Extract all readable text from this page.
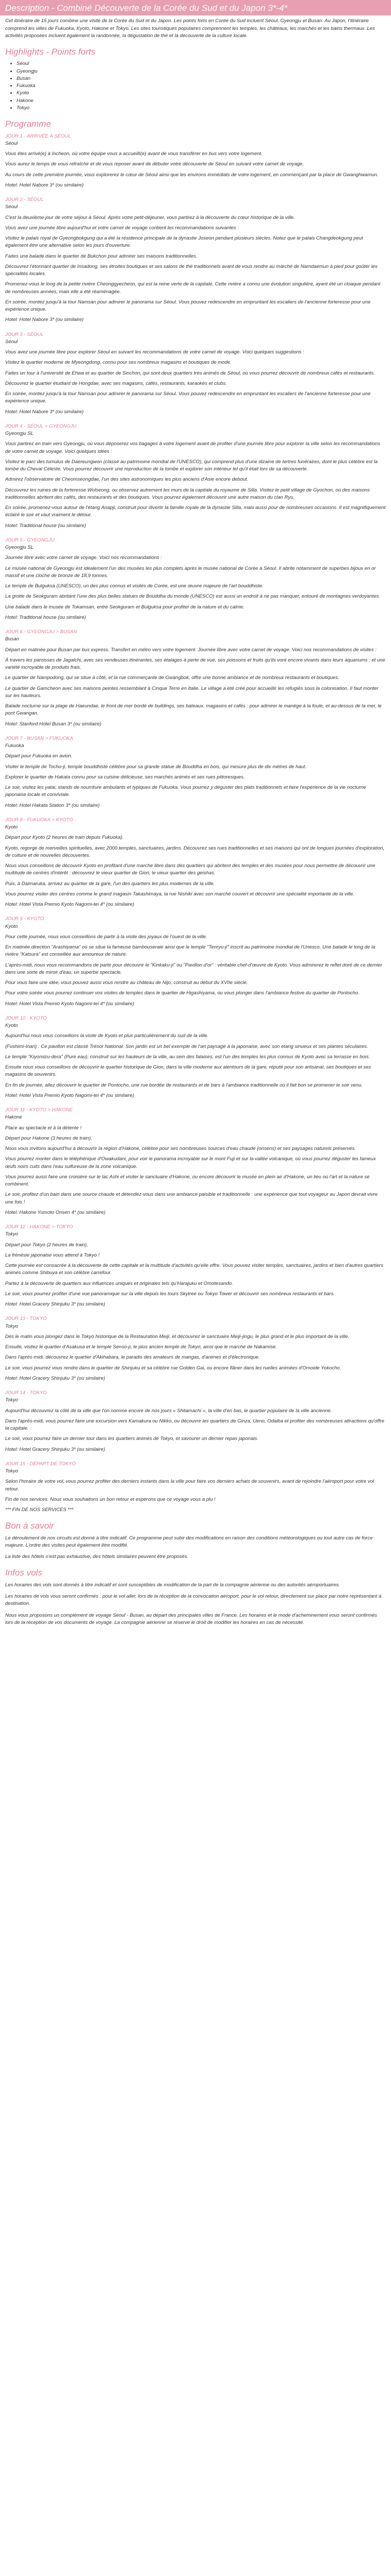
Description - Combiné Découverte de la Corée du Sud et du Japon 3*-4*

Cet itinéraire de 15 jours combine une visite de la Corée du Sud et du Japon. Les points forts en Corée du Sud incluent Séoul, Gyeongju et Busan. Au Japon, l'itinéraire comprend les villes de Fukuoka, Kyoto, Hakone et Tokyo. Les sites touristiques populaires comprennent les temples, les châteaux, les marchés et les bains thermaux. Les activités proposées incluent également la randonnée, la dégustation de thé et la découverte de la culture locale.

Highlights - Points forts
• Séoul
• Gyeongju
• Busan
• Fukuoka
• Kyoto
• Hakone
• Tokyo
Programme

JOUR 1 - ARRIVÉE À SÉOUL

Séoul

Vous êtes arrivé(e) à Incheon, où votre équipe vous a accueilli(e) avant de vous transférer en bus vers votre logement.

Vous aurez le temps de vous refraîchir et de vous reposer avant de débuter votre découverte de Séoul en suivant votre carnet de voyage.

Au cours de cette première journée, vous explorerez le cœur de Séoul ainsi que les environs immédiats de votre logement, en commençant par la place de Gwanghwamun.

Hotel: Hotel Nabore 3* (ou similaire)

JOUR 2 - SÉOUL

Séoul

C'est la deuxième jour de votre séjour à Séoul. Après votre petit-déjeuner, vous partirez à la découverte du cœur historique de la ville.

Vous avez une journée libre aujourd'hui et votre carnet de voyage contient les recommandations suivantes :

Visitez le palais royal de Gyeongbokgung qui a été la résidence principale de la dynastie Joseon pendant plusieurs siècles. Notez que le palais Changdeokgung peut également être une alternative selon les jours d'ouverture.

Faites une balade dans le quartier de Bukchon pour admirer ses maisons traditionnelles.

Découvrez l'étonnant quartier de Insadong, ses étroites boutiques et ses salons de thé traditionnels avant de vous rendre au marché de Namdaemun à pied pour goûter les spécialités locales.

Promenez-vous le long de la petite rivière Cheonggyecheon, qui est la reine verte de la capitale. Cette rivière a connu une évolution singulière, ayant été un cloaque pendant de nombreuses années, mais elle a été réaménagée.

En soirée, montez jusqu'à la tour Namsan pour admirer le panorama sur Séoul. Vous pouvez redescendre en empruntant les escaliers de l'ancienne forteresse pour une expérience unique.

Hotel: Hotel Nabore 3* (ou similaire)

JOUR 3 - SÉOUL

Séoul

Vous avez une journée libre pour explorer Séoul en suivant les recommandations de votre carnet de voyage. Voici quelques suggestions :

Visitez le quartier moderne de Myeongdong, connu pour ses nombreux magasins et boutiques de mode.

Faites un tour à l'université de Ehwa et au quartier de Sinchon, qui sont deux quartiers très animés de Séoul, où vous pourrez découvrir de nombreux cafés et restaurants.

Découvrez le quartier étudiant de Hongdae, avec ses magasins, cafés, restaurants, karaokés et clubs.

En soirée, montez jusqu'à la tour Namsan pour admirer le panorama sur Séoul. Vous pouvez redescendre en empruntant les escaliers de l'ancienne forteresse pour une expérience unique.

Hotel: Hotel Nabore 3* (ou similaire)

JOUR 4 - SÉOUL > GYEONGJU

Gyeongju SL

Vous partirez en train vers Gyeongju, où vous déposerez vos bagages à votre logement avant de profiter d'une journée libre pour explorer la ville selon les recommandations de votre carnet de voyage. Voici quelques idées :

Visitez le parc des tumulus de Daereungwon (classé au patrimoine mondial de l'UNESCO), qui comprend plus d'une dizaine de tertres funéraires, dont le plus célèbre est la tombe du Cheval Céleste. Vous pourrez découvrir une reproduction de la tombe et explorer son intérieur tel qu'il était lors de sa découverte.

Admirez l'observatoire de Cheomseongdae, l'un des sites astronomiques les plus anciens d'Asie encore debout.

Découvrez les ruines de la forteresse Wolseong, ou observez autrement les murs de la capitale du royaume de Silla. Visitez le petit village de Gyochon, où des maisons traditionnelles abritent des cafés, des restaurants et des boutiques. Vous pourrez également découvrir une autre maison du clan Ryu.

En soirée, promenez-vous autour de l'étang Anapji, construit pour divertir la famille royale de la dynastie Silla, mais aussi pour de nombreuses occasions. Il est magnifiquement éclairé le soir et vaut vraiment le détour.

Hotel: Traditional house (ou similaire)

JOUR 5 - GYEONGJU

Gyeongju SL

Journée libre avec votre carnet de voyage. Voici nos recommandations :

Le musée national de Gyeongju est idéalement l'un des musées les plus complets après le musée national de Corée à Séoul. Il abrite notamment de superbes bijoux en or massif et une cloche de bronze de 18,9 tonnes.

Le temple de Bulguksa (UNESCO), un des plus connus et visités de Corée, est une œuvre majeure de l'art bouddhiste.

La grotte de Seokguram abritant l'une des plus belles statues de Bouddha du monde (UNESCO) est aussi un endroit à ne pas manquer, entouré de montagnes verdoyantes.

Une balade dans le musée de Tokamsan, entre Seokguram et Bulguksa pour profiter de la nature et du calme.

Hotel: Traditional house (ou similaire)

JOUR 6 - GYEONGJU > BUSAN

Busan

Départ en matinée pour Busan par bus express. Transfert en métro vers votre logement. Journée libre avec votre carnet de voyage. Voici nos recommandations de visites :

À travers les paroisses de Jagalchi, avec ses vendeuses itinérantes, ses étalages à perte de vue, ses poissons et fruits qu'ils vont encore vivants dans leurs aquariums ; et une variété incroyable de produits frais.

Le quartier de Nampodong, qui se situe à côté, et la rue commerçante de Gwangbok, offre une bonne ambiance et de nombreux restaurants et boutiques.

Le quartier de Gamcheon avec ses maisons peintes ressemblant à Cinque Terre en Italie. Le village a été créé pour accueillir les réfugiés sous la colonisation. Il faut monter sur les hauteurs.

Balade nocturne sur la plage de Haeundae, le front de mer bordé de buildings, ses bateaux, magasins et cafés : pour admirer le manège à la foule, et au-dessus de la mer, le pont Gwangan.

Hotel: Stanford Hotel Busan 3* (ou similaire)

JOUR 7 - BUSAN > FUKUOKA

Fukuoka

Départ pour Fukuoka en avion.

Visiter le temple de Tocho-ji, temple bouddhiste célèbre pour sa grande statue de Bouddha en bois, qui mesure plus de dix mètres de haut.

Explorer le quartier de Hakata connu pour sa cuisine délicieuse, ses marchés animés et ses rues pittoresques.

Le soir, visitez les yatai, stands de nourriture ambulants et typiques de Fukuoka. Vous pourrez y déguster des plats traditionnels et faire l'expérience de la vie nocturne japonaise locale et conviviale.

Hotel: Hotel Hakata Station 3* (ou similaire)

JOUR 8 - FUKUOKA > KYOTO

Kyoto

Départ pour Kyoto (2 heures de train depuis Fukuoka).

Kyoto, regorge de merveilles spirituelles, avec 2000 temples, sanctuaires, jardins. Découvrez ses rues traditionnelles et ses maisons qui ont de longues journées d'exploration, de culture et de nouvelles découvertes.

Nous vous conseillons de découvrir Kyoto en profitant d'une marche libre dans des quartiers qui abritent des temples et des musées pour nous permettre de découvrir une multitude de centres d'intérêt : découvrez le vieux quartier de Gion, le vieux quartier des geishas.

Puis, à Daimaruka, arrivez au quartier de la gare, l'un des quartiers les plus modernes de la ville.

Vous pourrez visiter des centres comme le grand magasin Takashimaya, la rue Nishiki avec son marché couvert et découvrir une spécialité importante de la ville.

Hotel: Hotel Vista Premio Kyoto Nagomi-tei 4* (ou similaire)

JOUR 9 - KYOTO

Kyoto

Pour cette journée, nous vous conseillons de partir à la visite des joyaux de l'ouest de la ville.

En matinée direction "Arashiyama" où se situe la fameuse bambouseraie ainsi que le temple "Tenryu-ji" inscrit au patrimoine mondial de l'Unesco. Une balade le long de la rivière "Katsura" est conseillée aux amoureux de nature.

L'après-midi, nous vous recommandons de partir pour découvrir le "Kinkaku-ji" ou "Pavillon d'or" : véritable chef-d'œuvre de Kyoto. Vous admirerez le reflet doré de ce dernier dans une sorte de miroir d'eau, un superbe spectacle.

Pour vous faire une idée, vous pouvez aussi vous rendre au château de Nijo, construit au début du XVIIe siècle.

Pour votre soirée vous pourrez continuer vos visites de temples dans le quartier de Higashiyama, ou vous plonger dans l'ambiance festive du quartier de Pontocho.

Hotel: Hotel Vista Premio Kyoto Nagomi-tei 4* (ou similaire)

JOUR 10 - KYOTO

Kyoto

Aujourd'hui nous vous conseillons la visite de Kyoto et plus particulièrement du sud de la ville.

(Fushimi-Inari) : Ce pavillon est classé Trésor National. Son jardin est un bel exemple de l'art paysagé à la japonaise, avec son étang sinueux et ses plantes séculaires.

Le temple "Kiyomizu-dera" (Pure eau), construit sur les hauteurs de la ville, au sein des falaises, est l'un des temples les plus connus de Kyoto avec sa terrasse en bois.

Ensuite nous vous conseillons de découvrir le quartier historique de Gion, dans la ville moderne aux alentours de la gare, réputé pour son artisanat, ses boutiques et ses magasins de souvenirs.

En fin de journée, allez découvrir le quartier de Pontocho, une rue bordée de restaurants et de bars à l'ambiance traditionnelle où il fait bon se promener le soir venu.

Hotel: Hotel Vista Premio Kyoto Nagomi-tei 4* (ou similaire)

JOUR 11 - KYOTO > HAKONE

Hakone

Place au spectacle et à la détente !

Départ pour Hakone (3 heures de train).

Nous vous invitons aujourd'hui à découvrir la région d'Hakone, célèbre pour ses nombreuses sources d'eau chaude (onsens) et ses paysages naturels préservés.

Vous pourrez monter dans le téléphérique d'Owakudani, pour voir le panorama incroyable sur le mont Fuji et sur la vallée volcanique, où vous pourrez déguster les fameux œufs noirs cuits dans l'eau sulfureuse de la zone volcanique.

Vous pourrez aussi faire une croisière sur le lac Ashi et visiter le sanctuaire d'Hakone, ou encore découvrir le musée en plein air d'Hakone, un lieu où l'art et la nature se combinent.

Le soir, profitez d'un bain dans une source chaude et détendez-vous dans une ambiance paisible et traditionnelle : une expérience que tout voyageur au Japon devrait vivre une fois !

Hotel: Hakone Yumoto Onsen 4* (ou similaire)

JOUR 12 - HAKONE > TOKYO

Tokyo

Départ pour Tokyo (2 heures de train).

La frénésie japonaise vous attend à Tokyo !

Cette journée est consacrée à la découverte de cette capitale et la multitude d'activités qu'elle offre. Vous pouvez visiter temples, sanctuaires, jardins et bien d'autres quartiers animés comme Shibuya et son célèbre carrefour.

Partez à la découverte de quartiers aux influences uniques et originales tels qu'Harajuku et Omotesando.

Le soir, vous pourrez profiter d'une vue panoramique sur la ville depuis les tours Skytree ou Tokyo Tower et découvrir ses nombreux restaurants et bars.

Hotel: Hotel Gracery Shinjuku 3* (ou similaire)

JOUR 13 - TOKYO

Tokyo

Dès le matin vous plongez dans le Tokyo historique de la Restauration Meiji, et découvrez le sanctuaire Meiji-jingu, le plus grand et le plus important de la ville.

Ensuite, visitez le quartier d'Asakusa et le temple Senso-ji, le plus ancien temple de Tokyo, ainsi que le marché de Nakamise.

Dans l'après-midi, découvrez le quartier d'Akihabara, le paradis des amateurs de mangas, d'animes et d'électronique.

Le soir, vous pourrez vous rendre dans le quartier de Shinjuku et sa célèbre rue Golden Gai, ou encore flâner dans les ruelles animées d'Omoide Yokocho.

Hotel: Hotel Gracery Shinjuku 3* (ou similaire)

JOUR 14 - TOKYO

Tokyo

Aujourd'hui découvrez la côté de la ville que l'on nomme encore de nos jours « Shitamachi », la ville d'en bas, le quartier populaire de la ville ancienne.

Dans l'après-midi, vous pourrez faire une excursion vers Kamakura ou Nikko, ou découvrir les quartiers de Ginza, Ueno, Odaiba et profiter des nombreuses attractions qu'offre la capitale.

Le soir, vous pourrez faire un dernier tour dans les quartiers animés de Tokyo, et savourer un dernier repas japonais.

Hotel: Hotel Gracery Shinjuku 3* (ou similaire)

JOUR 15 - DÉPART DE TOKYO

Tokyo

Selon l'horaire de votre vol, vous pourrez profiter des derniers instants dans la ville pour faire vos derniers achats de souvenirs, avant de rejoindre l'aéroport pour votre vol retour.

Fin de nos services. Nous vous souhaitons un bon retour et espérons que ce voyage vous a plu !

*** FIN DE NOS SERVICES ***

Bon à savoir

Le déroulement de nos circuits est donné à titre indicatif. Ce programme peut subir des modifications en raison des conditions météorologiques ou tout autre cas de force majeure. L'ordre des visites peut également être modifié.

La liste des hôtels n'est pas exhaustive, des hôtels similaires peuvent être proposés.

Infos vols

Les horaires des vols sont donnés à titre indicatif et sont susceptibles de modification de la part de la compagnie aérienne ou des autorités aéroportuaires.

Les horaires de vols vous seront confirmés : pour le vol aller, lors de la réception de la convocation aéroport, pour le vol retour, directement sur place par notre représentant à destination.

Nous vous proposons un complément de voyage Séoul - Busan, au départ des principales villes de France. Les horaires et le mode d'acheminement vous seront confirmés lors de la réception de vos documents de voyage. La compagnie aérienne se réserve le droit de modifier les horaires en cas de nécessité.
